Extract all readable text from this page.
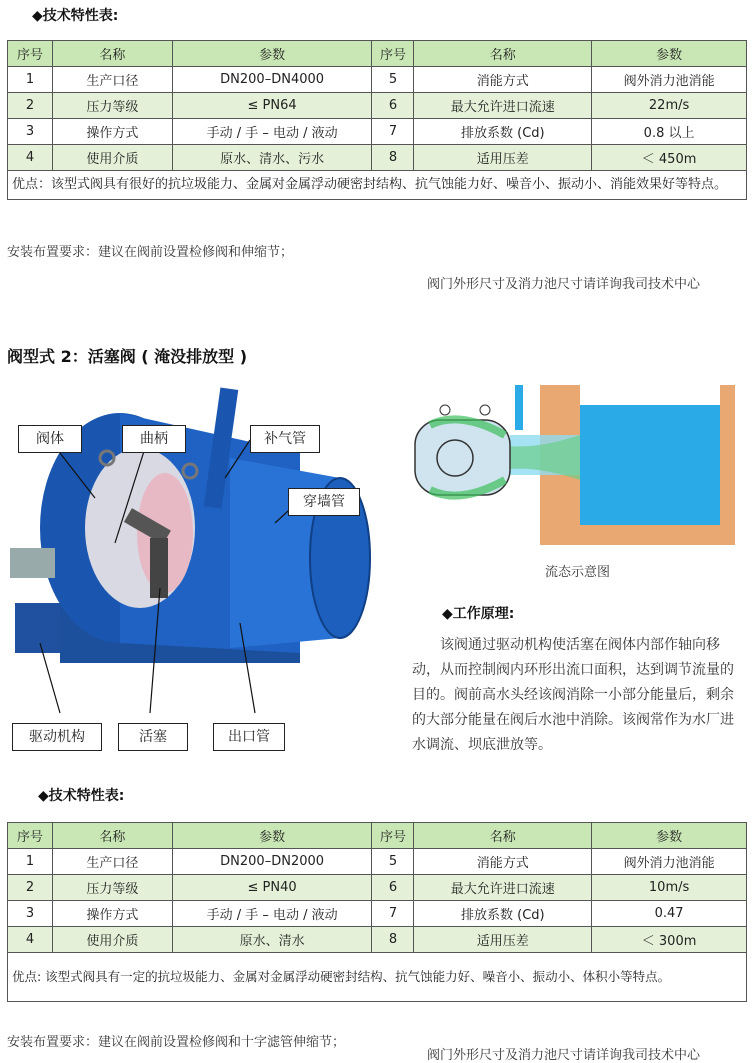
◆技术特性表:
序号	名称	参数	序号	名称	参数
1	生产口径	DN200–DN4000	5	消能方式	阀外消力池消能
2	压力等级	≤ PN64	6	最大允许进口流速	22m/s
3	操作方式	手动 / 手 – 电动 / 液动	7	排放系数 (Cd)	0.8 以上
4	使用介质	原水、清水、污水	8	适用压差	＜ 450m
优点：该型式阀具有很好的抗垃圾能力、金属对金属浮动硬密封结构、抗气蚀能力好、噪音小、振动小、消能效果好等特点。					
安装布置要求：建议在阀前设置检修阀和伸缩节；
阀门外形尺寸及消力池尺寸请详询我司技术中心
阀型式 2：活塞阀 ( 淹没排放型 )
阀体	曲柄	补气管
穿墙管
驱动机构	活塞	出口管
流态示意图
◆工作原理:
　　该阀通过驱动机构使活塞在阀体内部作轴向移动，从而控制阀内环形出流口面积，达到调节流量的目的。阀前高水头经该阀消除一小部分能量后，剩余的大部分能量在阀后水池中消除。该阀常作为水厂进水调流、坝底泄放等。
◆技术特性表:
序号	名称	参数	序号	名称	参数
1	生产口径	DN200–DN2000	5	消能方式	阀外消力池消能
2	压力等级	≤ PN40	6	最大允许进口流速	10m/s
3	操作方式	手动 / 手 – 电动 / 液动	7	排放系数 (Cd)	0.47
4	使用介质	原水、清水	8	适用压差	＜ 300m
优点: 该型式阀具有一定的抗垃圾能力、金属对金属浮动硬密封结构、抗气蚀能力好、噪音小、振动小、体积小等特点。					
安装布置要求：建议在阀前设置检修阀和十字滤管伸缩节；
阀门外形尺寸及消力池尺寸请详询我司技术中心
